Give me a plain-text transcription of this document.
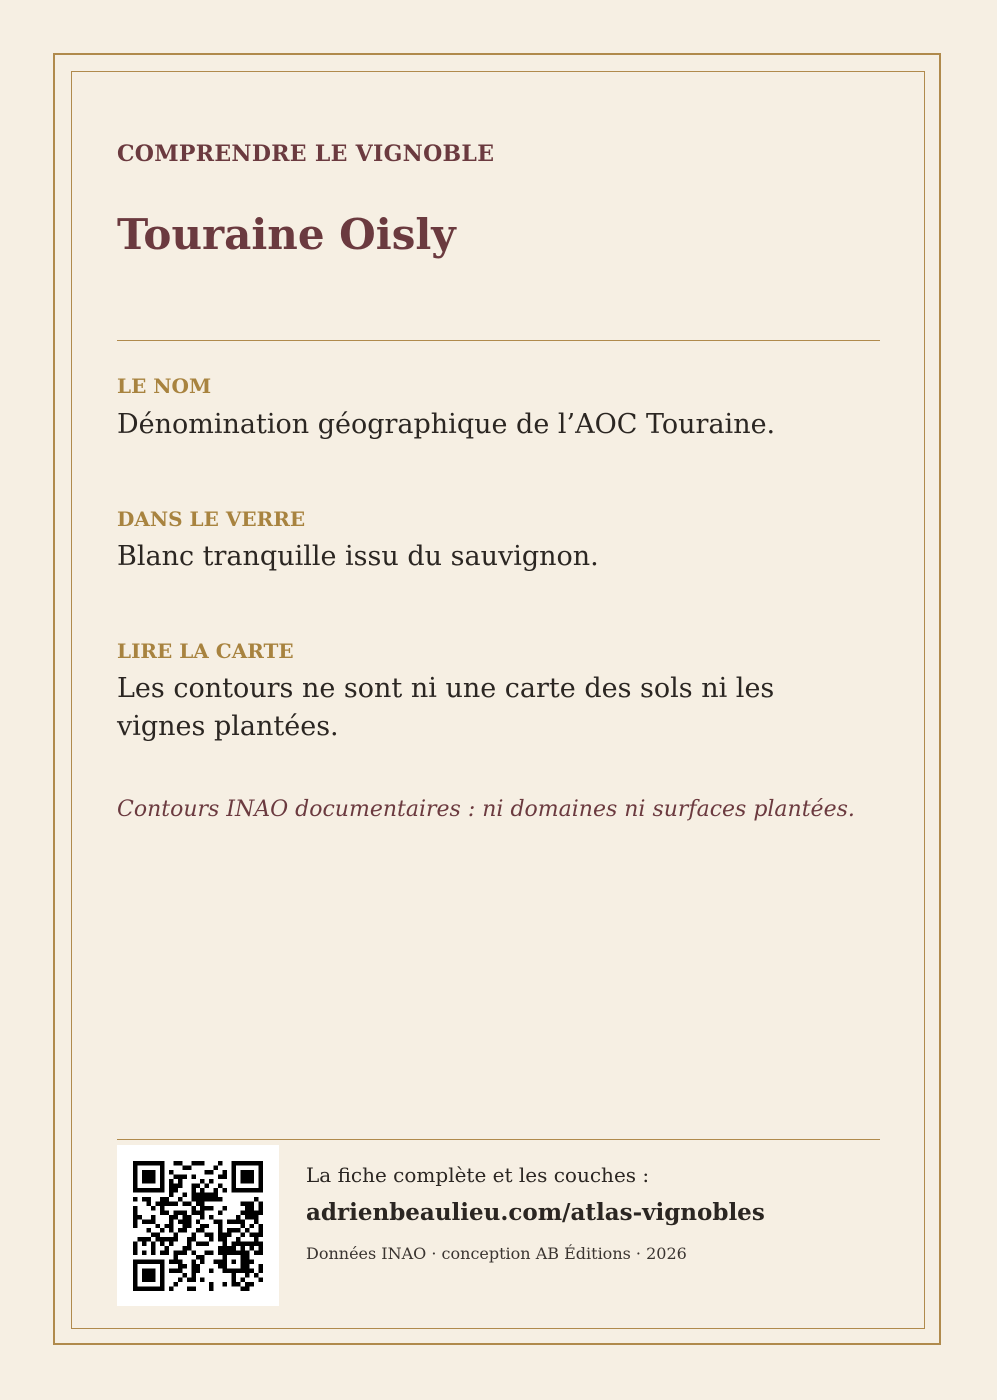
COMPRENDRE LE VIGNOBLE
Touraine Oisly
LE NOM
Dénomination géographique de l’AOC Touraine.
DANS LE VERRE
Blanc tranquille issu du sauvignon.
LIRE LA CARTE
Les contours ne sont ni une carte des sols ni les vignes plantées.
Contours INAO documentaires : ni domaines ni surfaces plantées.
La fiche complète et les couches :
adrienbeaulieu.com/atlas-vignobles
Données INAO · conception AB Éditions · 2026
